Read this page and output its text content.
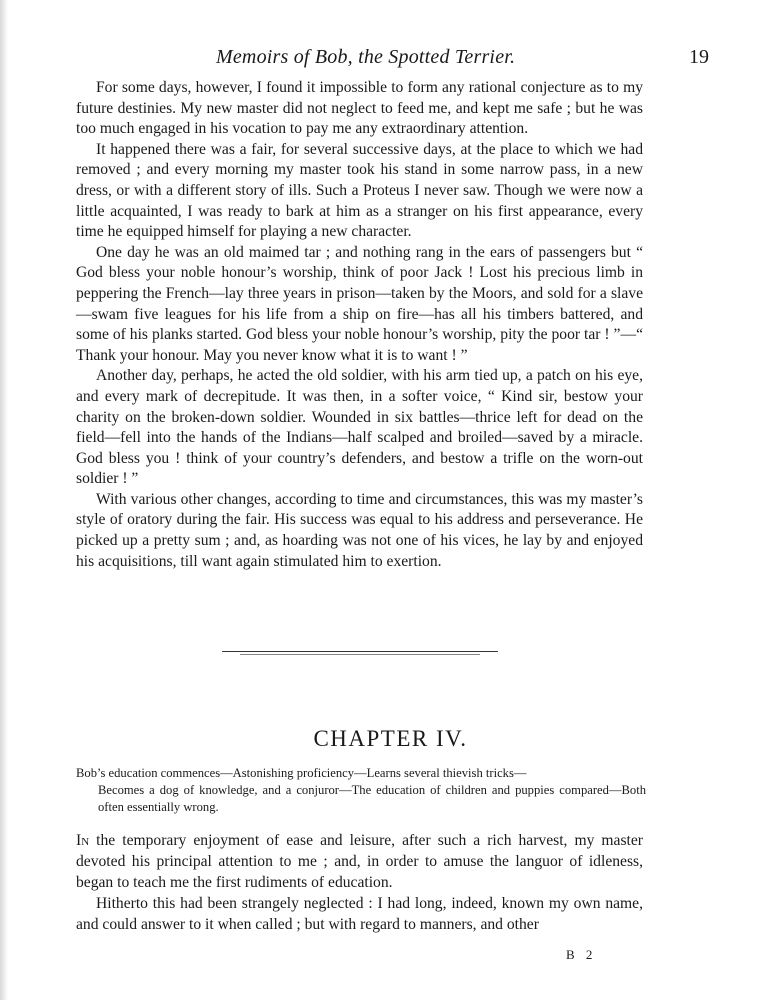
Memoirs of Bob, the Spotted Terrier.	19

For some days, however, I found it impossible to form any rational conjecture as to my future destinies. My new master did not neglect to feed me, and kept me safe ; but he was too much engaged in his vocation to pay me any extraordinary attention.

It happened there was a fair, for several successive days, at the place to which we had removed ; and every morning my master took his stand in some narrow pass, in a new dress, or with a different story of ills. Such a Proteus I never saw. Though we were now a little acquainted, I was ready to bark at him as a stranger on his first appearance, every time he equipped himself for playing a new character.

One day he was an old maimed tar ; and nothing rang in the ears of passengers but “ God bless your noble honour’s worship, think of poor Jack ! Lost his precious limb in peppering the French—lay three years in prison—taken by the Moors, and sold for a slave—swam five leagues for his life from a ship on fire—has all his timbers battered, and some of his planks started. God bless your noble honour’s worship, pity the poor tar ! ”—“ Thank your honour. May you never know what it is to want ! ”

Another day, perhaps, he acted the old soldier, with his arm tied up, a patch on his eye, and every mark of decrepitude. It was then, in a softer voice, “ Kind sir, bestow your charity on the broken-down soldier. Wounded in six battles—thrice left for dead on the field—fell into the hands of the Indians—half scalped and broiled—saved by a miracle. God bless you ! think of your country’s defenders, and bestow a trifle on the worn-out soldier ! ”

With various other changes, according to time and circumstances, this was my master’s style of oratory during the fair. His success was equal to his address and perseverance. He picked up a pretty sum ; and, as hoarding was not one of his vices, he lay by and enjoyed his acquisitions, till want again stimulated him to exertion.

CHAPTER IV.

Bob’s education commences—Astonishing proficiency—Learns several thievish tricks—

Becomes a dog of knowledge, and a conjuror—The education of children and puppies compared—Both often essentially wrong.

In the temporary enjoyment of ease and leisure, after such a rich harvest, my master devoted his principal attention to me ; and, in order to amuse the languor of idleness, began to teach me the first rudiments of education.

Hitherto this had been strangely neglected : I had long, indeed, known my own name, and could answer to it when called ; but with regard to manners, and other

B 2
